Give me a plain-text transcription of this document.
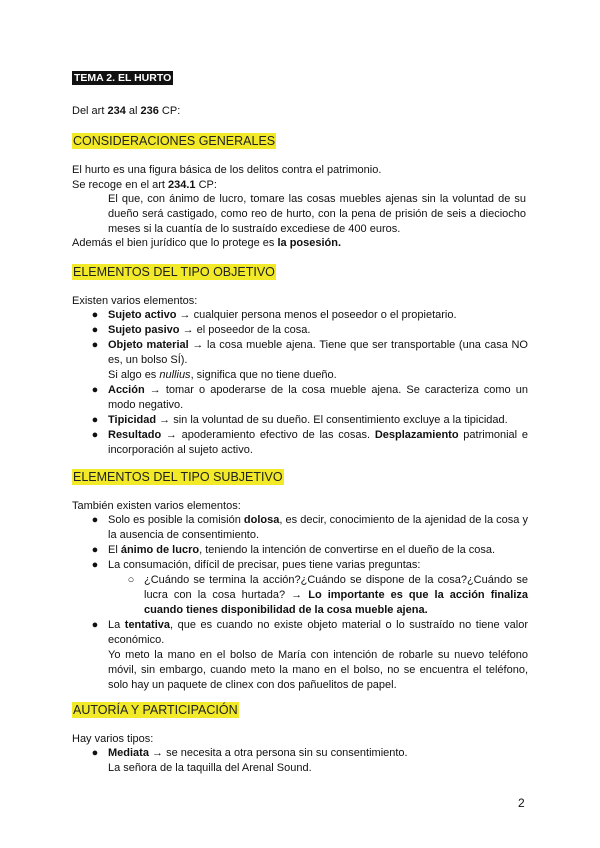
TEMA 2. EL HURTO
Del art 234 al 236 CP:
CONSIDERACIONES GENERALES
El hurto es una figura básica de los delitos contra el patrimonio.
Se recoge en el art 234.1 CP:
El que, con ánimo de lucro, tomare las cosas muebles ajenas sin la voluntad de su dueño será castigado, como reo de hurto, con la pena de prisión de seis a dieciocho meses si la cuantía de lo sustraído excediese de 400 euros.
Además el bien jurídico que lo protege es la posesión.
ELEMENTOS DEL TIPO OBJETIVO
Existen varios elementos:
● Sujeto activo → cualquier persona menos el poseedor o el propietario.
● Sujeto pasivo → el poseedor de la cosa.
● Objeto material → la cosa mueble ajena. Tiene que ser transportable (una casa NO es, un bolso SÍ).
Si algo es nullius, significa que no tiene dueño.
● Acción → tomar o apoderarse de la cosa mueble ajena. Se caracteriza como un modo negativo.
● Tipicidad → sin la voluntad de su dueño. El consentimiento excluye a la tipicidad.
● Resultado → apoderamiento efectivo de las cosas. Desplazamiento patrimonial e incorporación al sujeto activo.
ELEMENTOS DEL TIPO SUBJETIVO
También existen varios elementos:
● Solo es posible la comisión dolosa, es decir, conocimiento de la ajenidad de la cosa y la ausencia de consentimiento.
● El ánimo de lucro, teniendo la intención de convertirse en el dueño de la cosa.
● La consumación, difícil de precisar, pues tiene varias preguntas:
○ ¿Cuándo se termina la acción?¿Cuándo se dispone de la cosa?¿Cuándo se lucra con la cosa hurtada? → Lo importante es que la acción finaliza cuando tienes disponibilidad de la cosa mueble ajena.
● La tentativa, que es cuando no existe objeto material o lo sustraído no tiene valor económico.
Yo meto la mano en el bolso de María con intención de robarle su nuevo teléfono móvil, sin embargo, cuando meto la mano en el bolso, no se encuentra el teléfono, solo hay un paquete de clinex con dos pañuelitos de papel.
AUTORÍA Y PARTICIPACIÓN
Hay varios tipos:
● Mediata → se necesita a otra persona sin su consentimiento.
La señora de la taquilla del Arenal Sound.
2
